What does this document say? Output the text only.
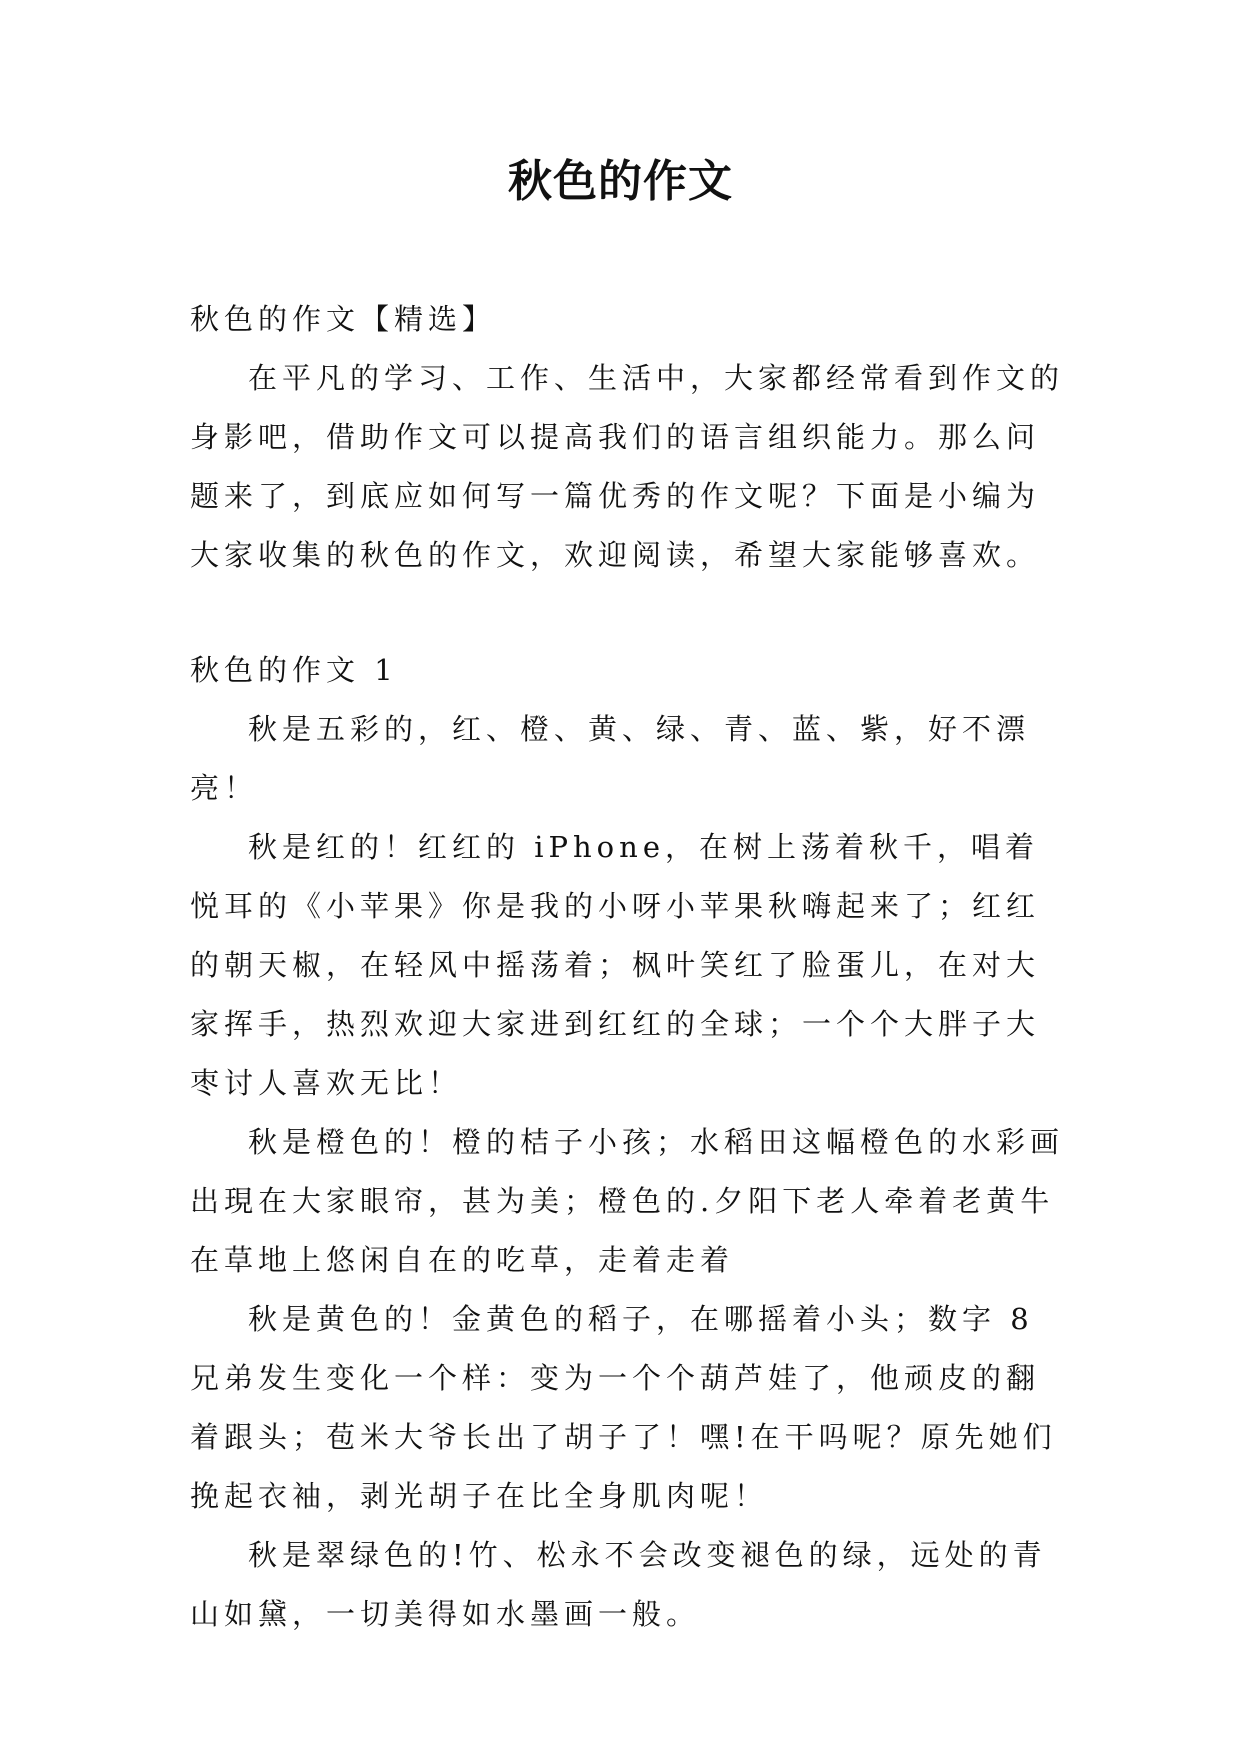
秋色的作文

秋色的作文【精选】

在平凡的学习、工作、生活中，大家都经常看到作文的身影吧，借助作文可以提高我们的语言组织能力。那么问题来了，到底应如何写一篇优秀的作文呢？下面是小编为大家收集的秋色的作文，欢迎阅读，希望大家能够喜欢。

秋色的作文 1

秋是五彩的，红、橙、黄、绿、青、蓝、紫，好不漂亮！

秋是红的！红红的 iPhone，在树上荡着秋千，唱着悦耳的《小苹果》你是我的小呀小苹果秋嗨起来了；红红的朝天椒，在轻风中摇荡着；枫叶笑红了脸蛋儿，在对大家挥手，热烈欢迎大家进到红红的全球；一个个大胖子大枣讨人喜欢无比！

秋是橙色的！橙的桔子小孩；水稻田这幅橙色的水彩画出現在大家眼帘，甚为美；橙色的.夕阳下老人牵着老黄牛在草地上悠闲自在的吃草，走着走着

秋是黄色的！金黄色的稻子，在哪摇着小头；数字 8 兄弟发生变化一个样：变为一个个葫芦娃了，他顽皮的翻着跟头；苞米大爷长出了胡子了！嘿!在干吗呢？原先她们挽起衣袖，剥光胡子在比全身肌肉呢！

秋是翠绿色的!竹、松永不会改变褪色的绿，远处的青山如黛，一切美得如水墨画一般。
